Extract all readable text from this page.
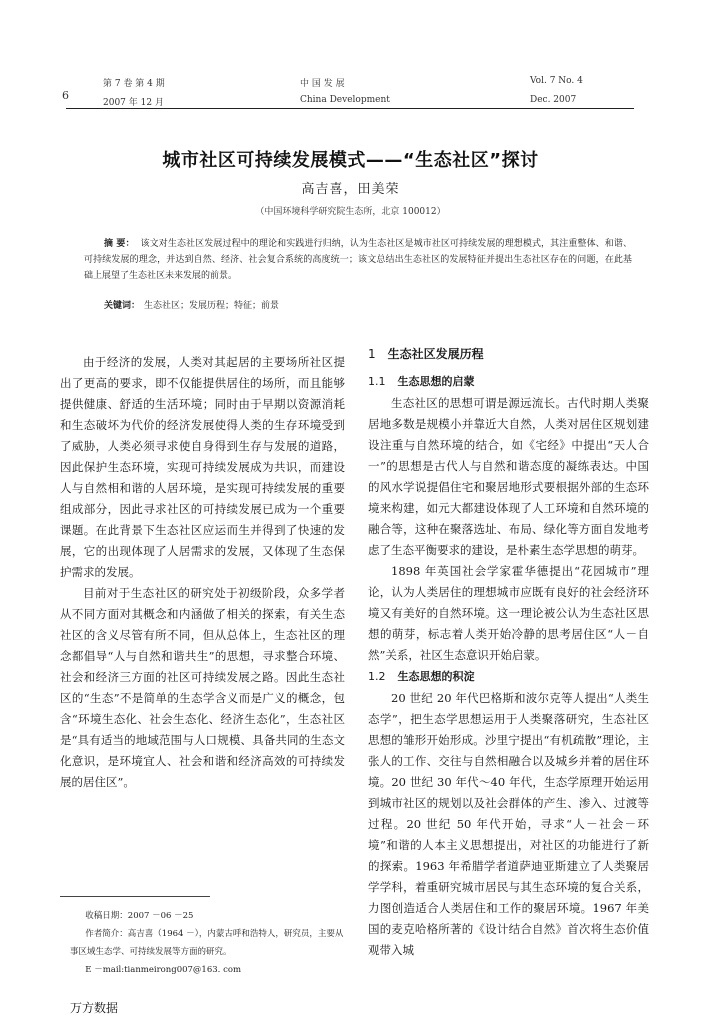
6
第 7 卷 第 4 期
2007 年 12 月
中 国 发 展
China Development
Vol. 7 No. 4
Dec. 2007
城市社区可持续发展模式——“生态社区”探讨
高吉喜，田美荣
（中国环境科学研究院生态所，北京 100012）
摘 要： 该文对生态社区发展过程中的理论和实践进行归纳，认为生态社区是城市社区可持续发展的理想模式，其注重整体、和谐、可持续发展的理念，并达到自然、经济、社会复合系统的高度统一；该文总结出生态社区的发展特征并提出生态社区存在的问题，在此基础上展望了生态社区未来发展的前景。
关键词： 生态社区；发展历程；特征；前景

由于经济的发展，人类对其起居的主要场所社区提出了更高的要求，即不仅能提供居住的场所，而且能够提供健康、舒适的生活环境；同时由于早期以资源消耗和生态破坏为代价的经济发展使得人类的生存环境受到了威胁，人类必须寻求使自身得到生存与发展的道路，因此保护生态环境，实现可持续发展成为共识，而建设人与自然相和谐的人居环境，是实现可持续发展的重要组成部分，因此寻求社区的可持续发展已成为一个重要课题。在此背景下生态社区应运而生并得到了快速的发展，它的出现体现了人居需求的发展，又体现了生态保护需求的发展。

目前对于生态社区的研究处于初级阶段，众多学者从不同方面对其概念和内涵做了相关的探索，有关生态社区的含义尽管有所不同，但从总体上，生态社区的理念都倡导“人与自然和谐共生”的思想，寻求整合环境、社会和经济三方面的社区可持续发展之路。因此生态社区的“生态”不是简单的生态学含义而是广义的概念，包含“环境生态化、社会生态化、经济生态化”，生态社区是“具有适当的地域范围与人口规模、具备共同的生态文化意识，是环境宜人、社会和谐和经济高效的可持续发展的居住区”。

1 生态社区发展历程
1.1 生态思想的启蒙

生态社区的思想可谓是源远流长。古代时期人类聚居地多数是规模小并靠近大自然，人类对居住区规划建设注重与自然环境的结合，如《宅经》中提出“天人合一”的思想是古代人与自然和谐态度的凝练表达。中国的风水学说提倡住宅和聚居地形式要根据外部的生态环境来构建，如元大都建设体现了人工环境和自然环境的融合等，这种在聚落选址、布局、绿化等方面自发地考虑了生态平衡要求的建设，是朴素生态学思想的萌芽。

1898 年英国社会学家霍华德提出“花园城市”理论，认为人类居住的理想城市应既有良好的社会经济环境又有美好的自然环境。这一理论被公认为生态社区思想的萌芽，标志着人类开始冷静的思考居住区“人－自然”关系，社区生态意识开始启蒙。

1.2 生态思想的积淀

20 世纪 20 年代巴格斯和波尔克等人提出“人类生态学”，把生态学思想运用于人类聚落研究，生态社区思想的雏形开始形成。沙里宁提出“有机疏散”理论，主张人的工作、交往与自然相融合以及城乡并着的居住环境。20 世纪 30 年代～40 年代，生态学原理开始运用到城市社区的规划以及社会群体的产生、渗入、过渡等过程。20 世纪 50 年代开始，寻求“人－社会－环境”和谐的人本主义思想提出，对社区的功能进行了新的探索。1963 年希腊学者道萨迪亚斯建立了人类聚居学学科，着重研究城市居民与其生态环境的复合关系，力图创造适合人类居住和工作的聚居环境。1967 年美国的麦克哈格所著的《设计结合自然》首次将生态价值观带入城

收稿日期：2007 －06 －25

作者简介：高吉喜（1964 －），内蒙古呼和浩特人，研究员，主要从事区域生态学、可持续发展等方面的研究。

E －mail:tianmeirong007@163. com

万方数据
